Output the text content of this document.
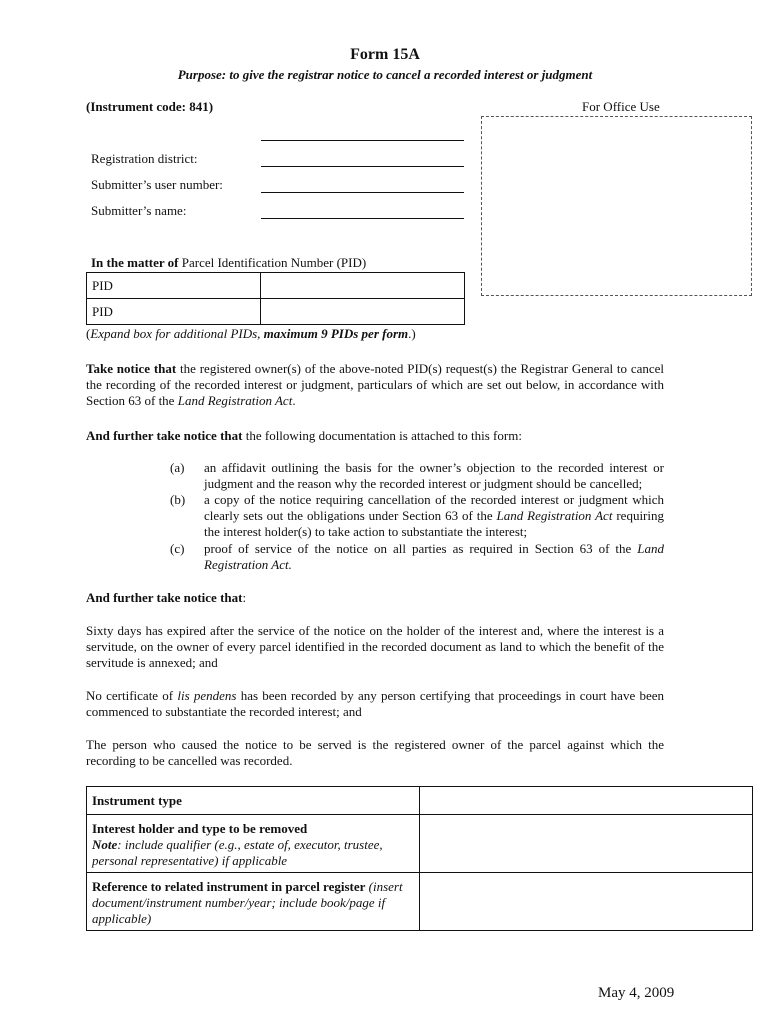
Form 15A
Purpose: to give the registrar notice to cancel a recorded interest or judgment
(Instrument code: 841)	For Office Use
Registration district:
Submitter’s user number:
Submitter’s name:
In the matter of Parcel Identification Number (PID)
PID	
PID	
(Expand box for additional PIDs, maximum 9 PIDs per form.)
Take notice that the registered owner(s) of the above-noted PID(s) request(s) the Registrar General to cancel the recording of the recorded interest or judgment, particulars of which are set out below, in accordance with Section 63 of the Land Registration Act.
And further take notice that the following documentation is attached to this form:
(a)	an affidavit outlining the basis for the owner’s objection to the recorded interest or judgment and the reason why the recorded interest or judgment should be cancelled;
(b)	a copy of the notice requiring cancellation of the recorded interest or judgment which clearly sets out the obligations under Section 63 of the Land Registration Act requiring the interest holder(s) to take action to substantiate the interest;
(c)	proof of service of the notice on all parties as required in Section 63 of the Land Registration Act.
And further take notice that:
Sixty days has expired after the service of the notice on the holder of the interest and, where the interest is a servitude, on the owner of every parcel identified in the recorded document as land to which the benefit of the servitude is annexed; and
No certificate of lis pendens has been recorded by any person certifying that proceedings in court have been commenced to substantiate the recorded interest; and
The person who caused the notice to be served is the registered owner of the parcel against which the recording to be cancelled was recorded.
Instrument type	
Interest holder and type to be removed
Note: include qualifier (e.g., estate of, executor, trustee, personal representative) if applicable	
Reference to related instrument in parcel register (insert document/instrument number/year; include book/page if applicable)	
May 4, 2009
